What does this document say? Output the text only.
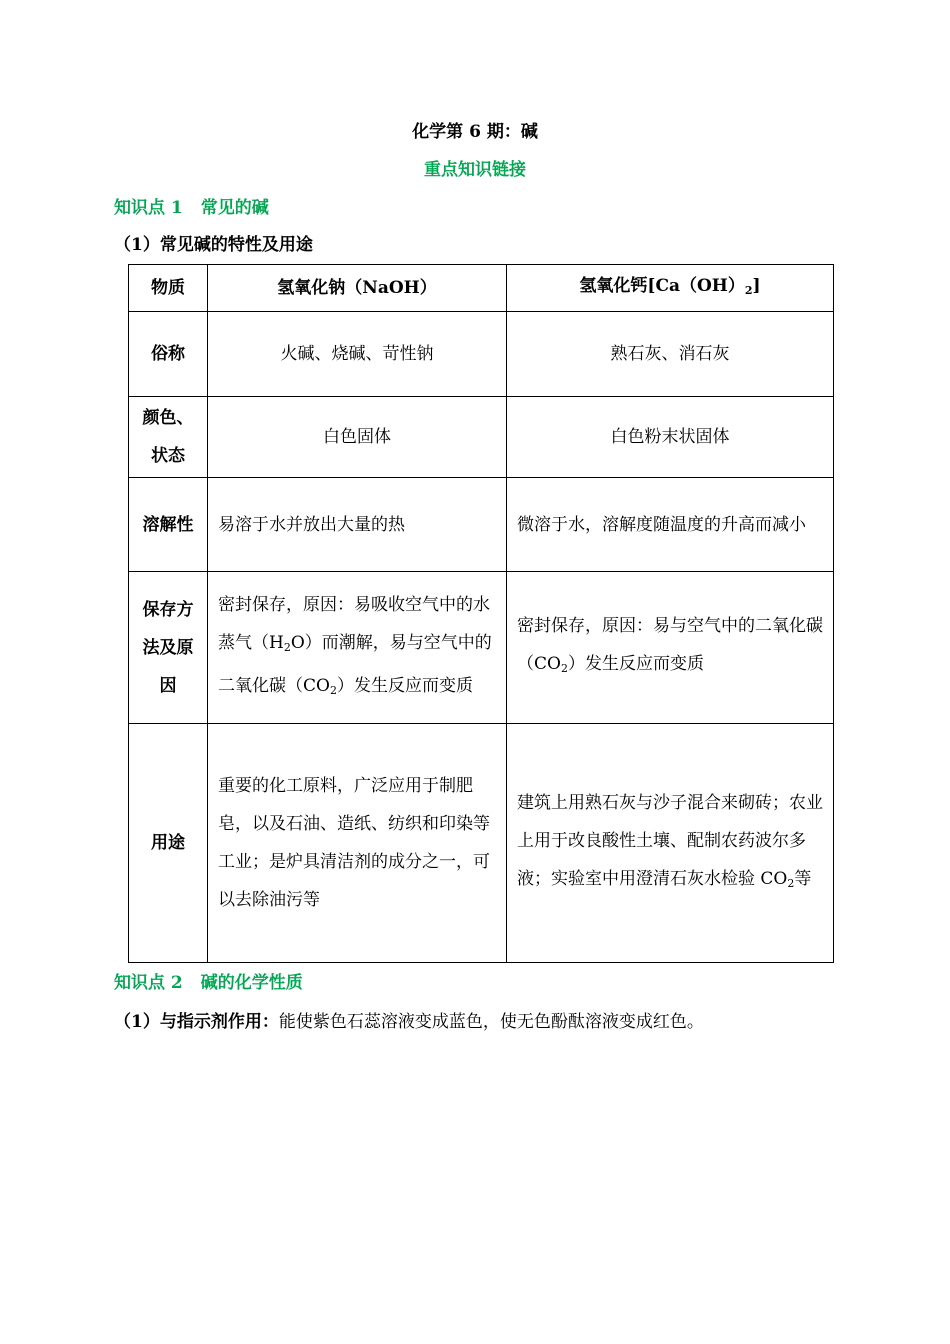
化学第 6 期：碱
重点知识链接
知识点 1 常见的碱
（1）常见碱的特性及用途
物质	氢氧化钠（NaOH）	氢氧化钙$[Ca(OH)_2]$
俗称	火碱、烧碱、苛性钠	熟石灰、消石灰
颜色、状态	白色固体	白色粉末状固体
溶解性	易溶于水并放出大量的热	微溶于水，溶解度随温度的升高而减小
保存方法及原因	密封保存，原因：易吸收空气中的水蒸气$(H_2O)$而潮解，易与空气中的二氧化碳$(CO_2)$发生反应而变质	密封保存，原因：易与空气中的二氧化碳$(CO_2)$发生反应而变质
用途	重要的化工原料，广泛应用于制肥皂，以及石油、造纸、纺织和印染等工业；是炉具清洁剂的成分之一，可以去除油污等	建筑上用熟石灰与沙子混合来砌砖；农业上用于改良酸性土壤、配制农药波尔多液；实验室中用澄清石灰水检验 $CO_2$等
知识点 2 碱的化学性质
（1）与指示剂作用：能使紫色石蕊溶液变成蓝色，使无色酚酞溶液变成红色。
